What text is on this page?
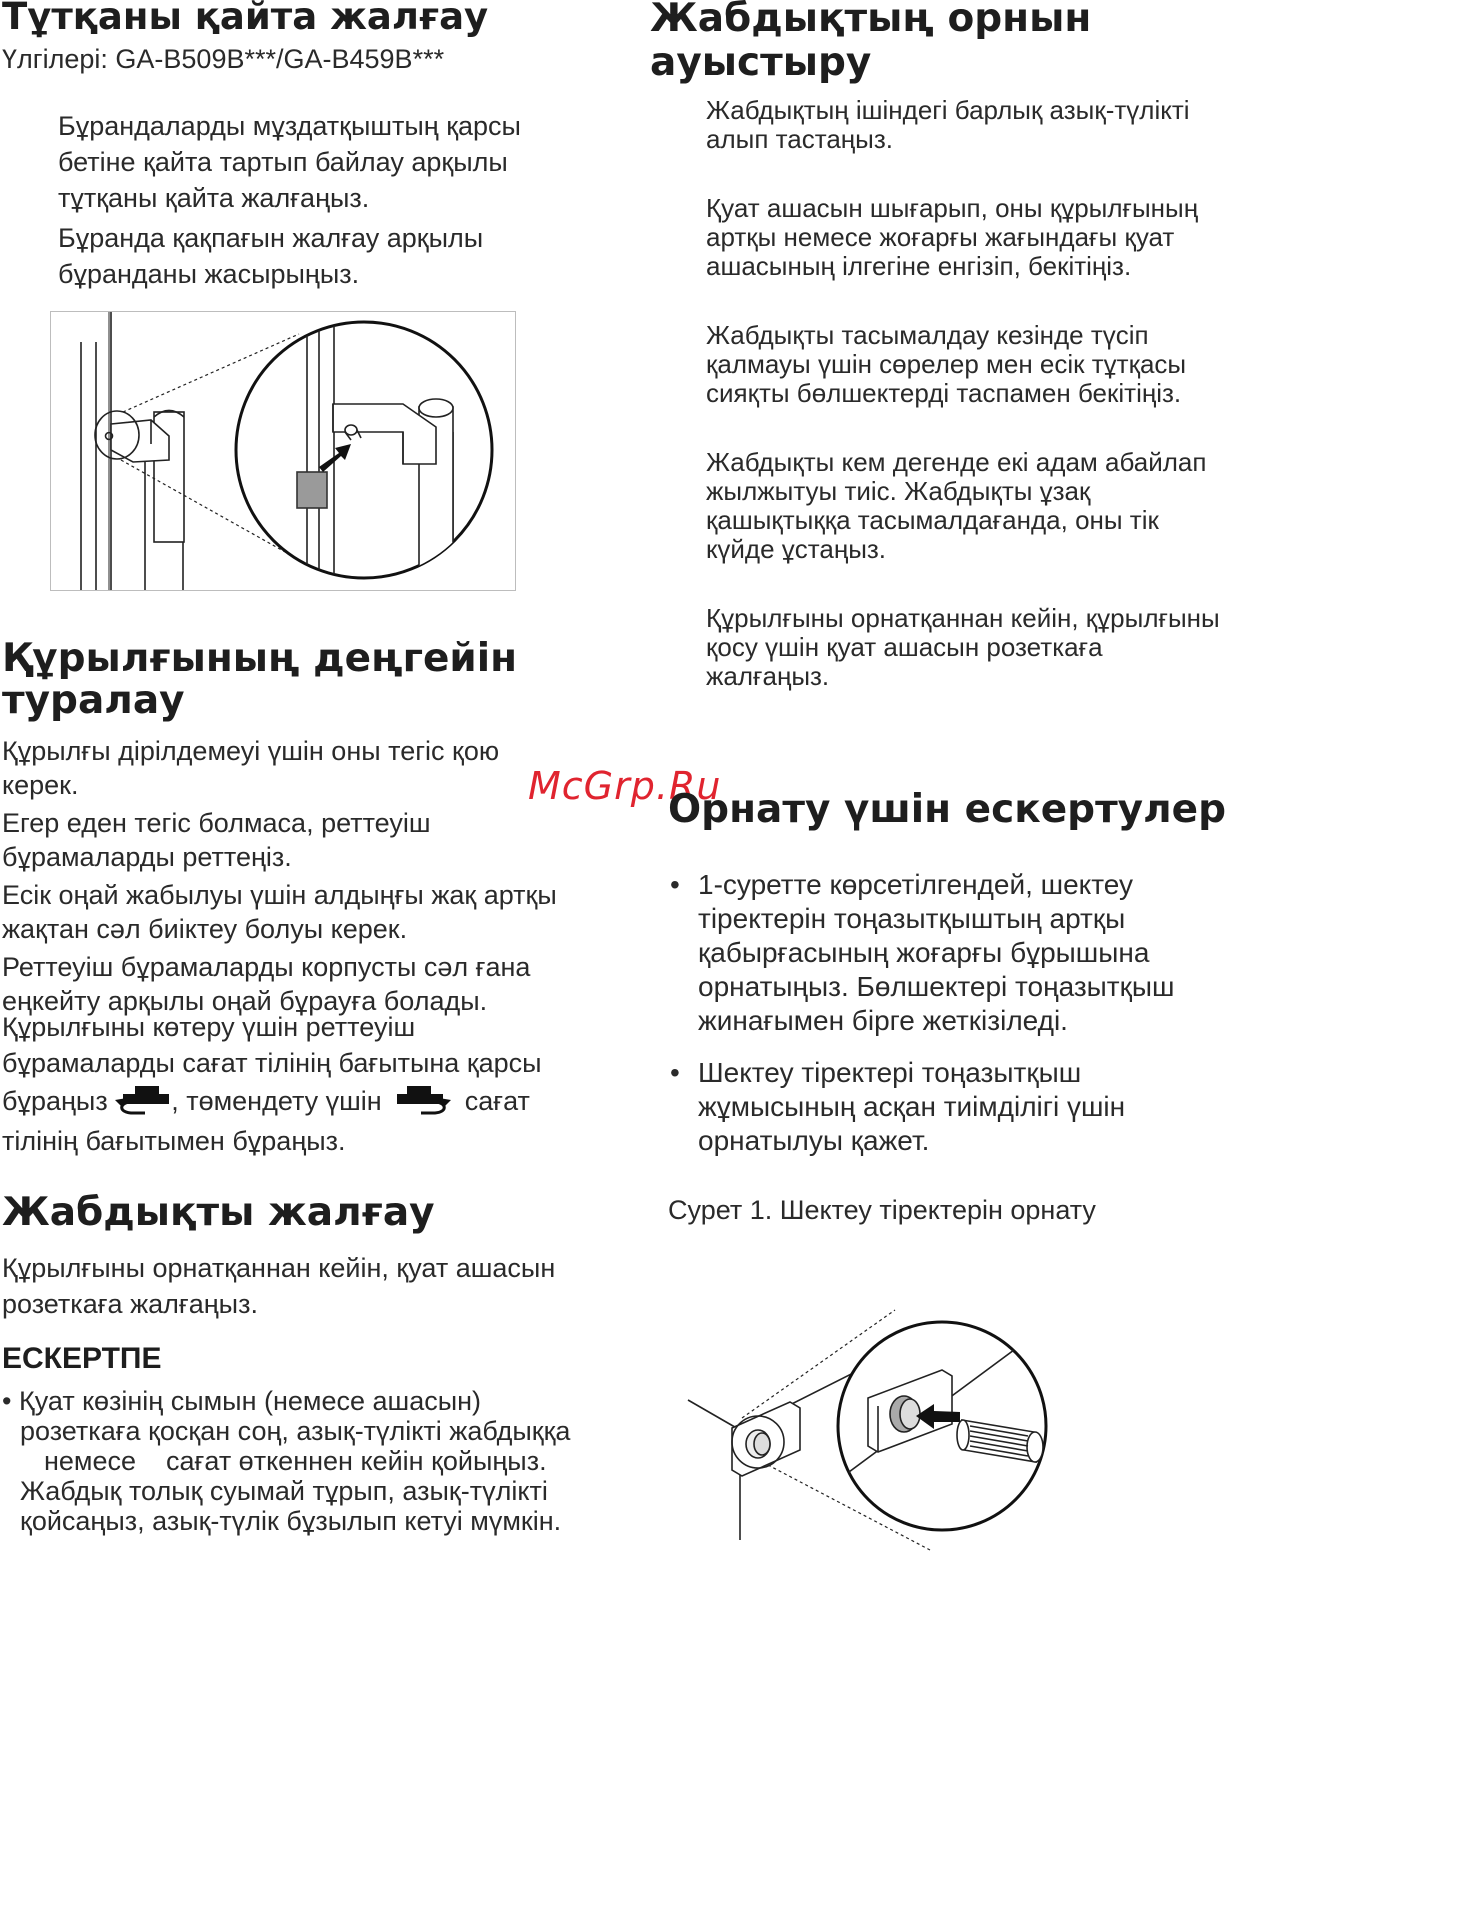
Тұтқаны қайта жалғау
Үлгілері: GA-B509B***/GA-B459B***

Бұрандаларды мұздатқыштың қарсы бетіне қайта тартып байлау арқылы тұтқаны қайта жалғаңыз.

Бұранда қақпағын жалғау арқылы бұранданы жасырыңыз.

Құрылғының деңгейін
туралау

Құрылғы дірілдемеуі үшін оны тегіс қою керек.

Егер еден тегіс болмаса, реттеуіш бұрамаларды реттеңіз.

Есік оңай жабылуы үшін алдыңғы жақ артқы жақтан сәл биіктеу болуы керек.

Реттеуіш бұрамаларды корпусты сәл ғана еңкейту арқылы оңай бұрауға болады.

Құрылғыны көтеру үшін реттеуіш
бұрамаларды сағат тілінің бағытына қарсы
бұраңыз , төмендету үшін	сағат
тілінің бағытымен бұраңыз.
Жабдықты жалғау
Құрылғыны орнатқаннан кейін, қуат ашасын розеткаға жалғаңыз.
ЕСКЕРТПЕ
• Қуат көзінің сымын (немесе ашасын)
розеткаға қосқан соң, азық-түлікті жабдыққа
немесе    сағат өткеннен кейін қойыңыз.
Жабдық толық суымай тұрып, азық-түлікті
қойсаңыз, азық-түлік бұзылып кетуі мүмкін.
Жабдықтың орнын
ауыстыру

Жабдықтың ішіндегі барлық азық-түлікті алып тастаңыз.

Қуат ашасын шығарып, оны құрылғының артқы немесе жоғарғы жағындағы қуат ашасының ілгегіне енгізіп, бекітіңіз.

Жабдықты тасымалдау кезінде түсіп қалмауы үшін сөрелер мен есік тұтқасы сияқты бөлшектерді таспамен бекітіңіз.

Жабдықты кем дегенде екі адам абайлап жылжытуы тиіс. Жабдықты ұзақ қашықтыққа тасымалдағанда, оны тік күйде ұстаңыз.

Құрылғыны орнатқаннан кейін, құрылғыны қосу үшін қуат ашасын розеткаға жалғаңыз.

McGrp.Ru
Орнату үшін ескертулер
• 1-суретте көрсетілгендей, шектеу тіректерін тоңазытқыштың артқы қабырғасының жоғарғы бұрышына орнатыңыз. Бөлшектері тоңазытқыш жинағымен бірге жеткізіледі.
• Шектеу тіректері тоңазытқыш жұмысының асқан тиімділігі үшін орнатылуы қажет.
Сурет 1. Шектеу тіректерін орнату
